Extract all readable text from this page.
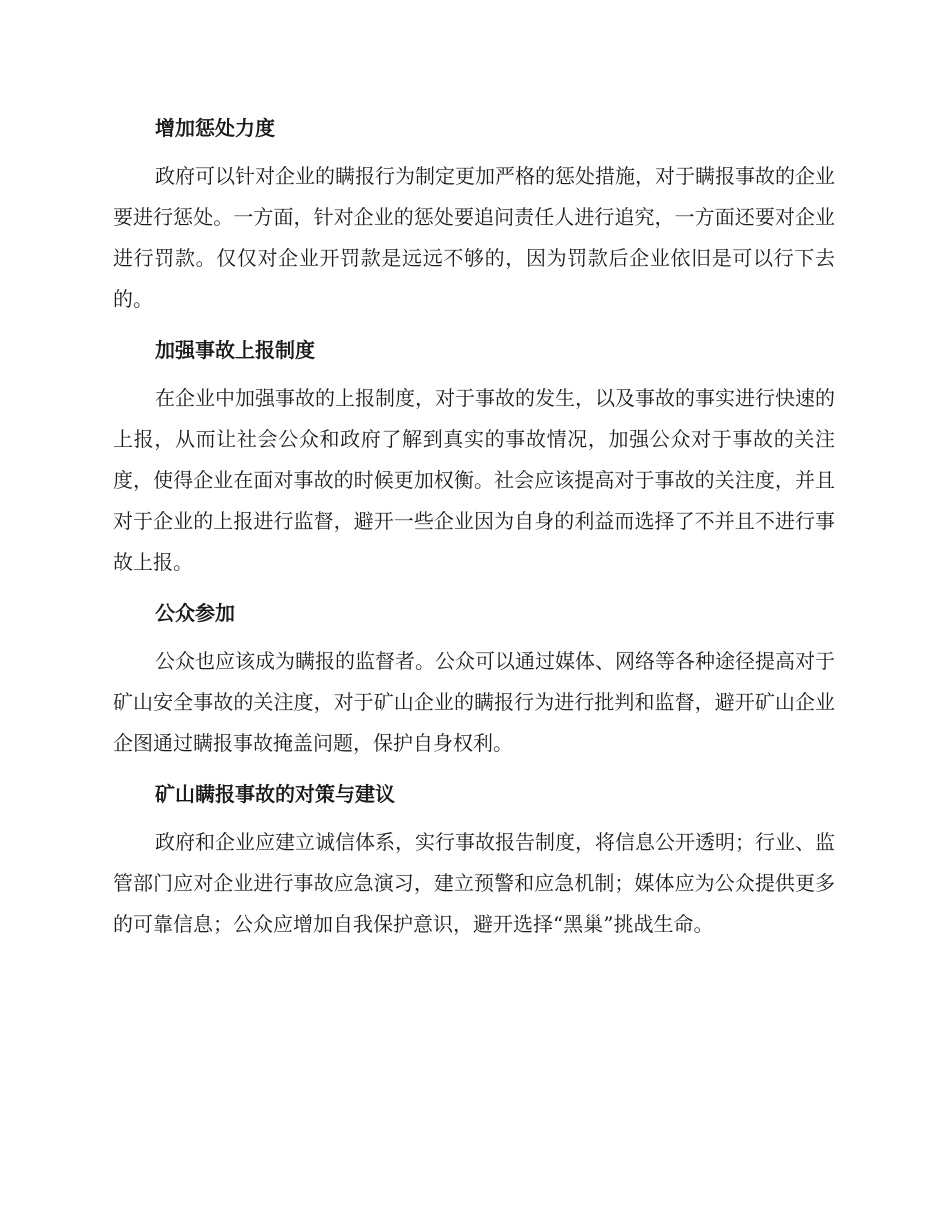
增加惩处力度

政府可以针对企业的瞒报行为制定更加严格的惩处措施，对于瞒报事故的企业要进行惩处。一方面，针对企业的惩处要追问责任人进行追究，一方面还要对企业进行罚款。仅仅对企业开罚款是远远不够的，因为罚款后企业依旧是可以行下去的。

加强事故上报制度

在企业中加强事故的上报制度，对于事故的发生，以及事故的事实进行快速的上报，从而让社会公众和政府了解到真实的事故情况，加强公众对于事故的关注度，使得企业在面对事故的时候更加权衡。社会应该提高对于事故的关注度，并且对于企业的上报进行监督，避开一些企业因为自身的利益而选择了不并且不进行事故上报。

公众参加

公众也应该成为瞒报的监督者。公众可以通过媒体、网络等各种途径提高对于矿山安全事故的关注度，对于矿山企业的瞒报行为进行批判和监督，避开矿山企业企图通过瞒报事故掩盖问题，保护自身权利。

矿山瞒报事故的对策与建议

政府和企业应建立诚信体系，实行事故报告制度，将信息公开透明；行业、监管部门应对企业进行事故应急演习，建立预警和应急机制；媒体应为公众提供更多的可靠信息；公众应增加自我保护意识，避开选择“黑巢”挑战生命。
